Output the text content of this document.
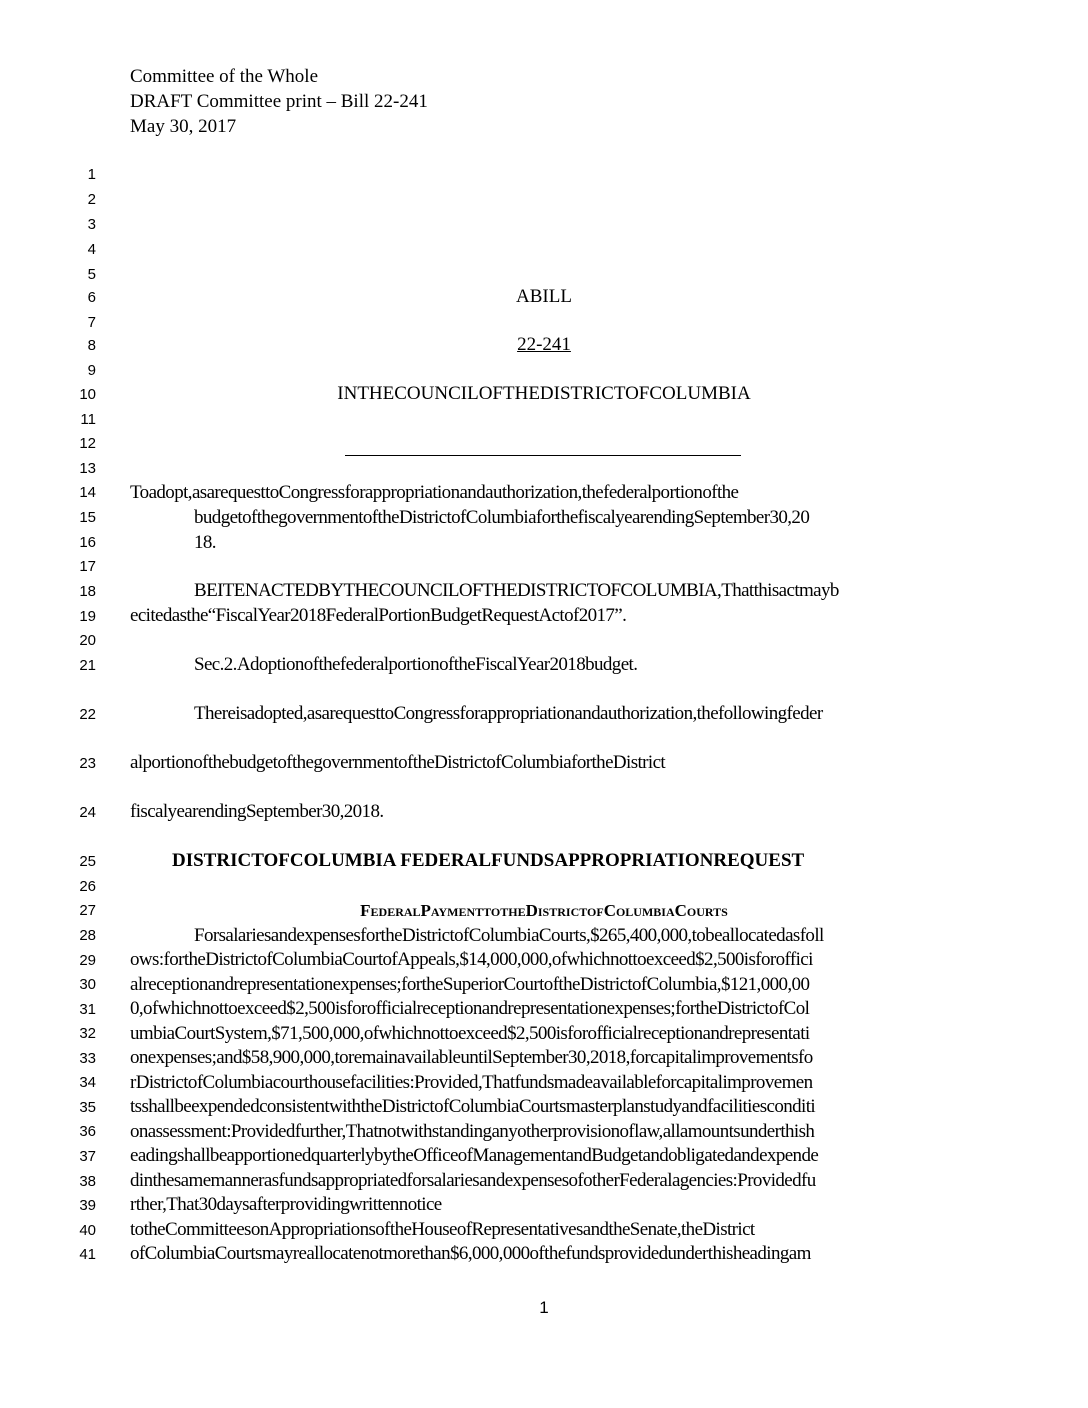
Committee of the Whole
DRAFT Committee print – Bill 22-241
May 30, 2017
1
2
3
4
5
6
7
8
9
10
11
12
13
14
15
16
17
18
19
20
21
22
23
24
25
26
27
28
29
30
31
32
33
34
35
36
37
38
39
40
41
ABILL
22-241
INTHECOUNCILOFTHEDISTRICTOFCOLUMBIA
Toadopt,asarequesttoCongressforappropriationandauthorization,thefederalportionofthe
budgetofthegovernmentoftheDistrictofColumbiaforthefiscalyearendingSeptember30,20
18.
BEITENACTEDBYTHECOUNCILOFTHEDISTRICTOFCOLUMBIA,Thatthisactmayb
ecitedasthe“FiscalYear2018FederalPortionBudgetRequestActof2017”.
Sec.2.AdoptionofthefederalportionoftheFiscalYear2018budget.
Thereisadopted,asarequesttoCongressforappropriationandauthorization,thefollowingfeder
alportionofthebudgetofthegovernmentoftheDistrictofColumbiafortheDistrict
fiscalyearendingSeptember30,2018.
DISTRICTOFCOLUMBIA FEDERALFUNDSAPPROPRIATIONREQUEST
FederalPaymenttotheDistrictofColumbiaCourts
ForsalariesandexpensesfortheDistrictofColumbiaCourts,$265,400,000,tobeallocatedasfoll
ows:fortheDistrictofColumbiaCourtofAppeals,$14,000,000,ofwhichnottoexceed$2,500isforoffici
alreceptionandrepresentationexpenses;fortheSuperiorCourtoftheDistrictofColumbia,$121,000,00
0,ofwhichnottoexceed$2,500isforofficialreceptionandrepresentationexpenses;fortheDistrictofCol
umbiaCourtSystem,$71,500,000,ofwhichnottoexceed$2,500isforofficialreceptionandrepresentati
onexpenses;and$58,900,000,toremainavailableuntilSeptember30,2018,forcapitalimprovementsfo
rDistrictofColumbiacourthousefacilities:Provided,Thatfundsmadeavailableforcapitalimprovemen
tsshallbeexpendedconsistentwiththeDistrictofColumbiaCourtsmasterplanstudyandfacilitiesconditi
onassessment:Providedfurther,Thatnotwithstandinganyotherprovisionoflaw,allamountsunderthish
eadingshallbeapportionedquarterlybytheOfficeofManagementandBudgetandobligatedandexpende
dinthesamemannerasfundsappropriatedforsalariesandexpensesofotherFederalagencies:Providedfu
rther,That30daysafterprovidingwrittennotice
totheCommitteesonAppropriationsoftheHouseofRepresentativesandtheSenate,theDistrict
ofColumbiaCourtsmayreallocatenotmorethan$6,000,000ofthefundsprovidedunderthisheadingam
1
